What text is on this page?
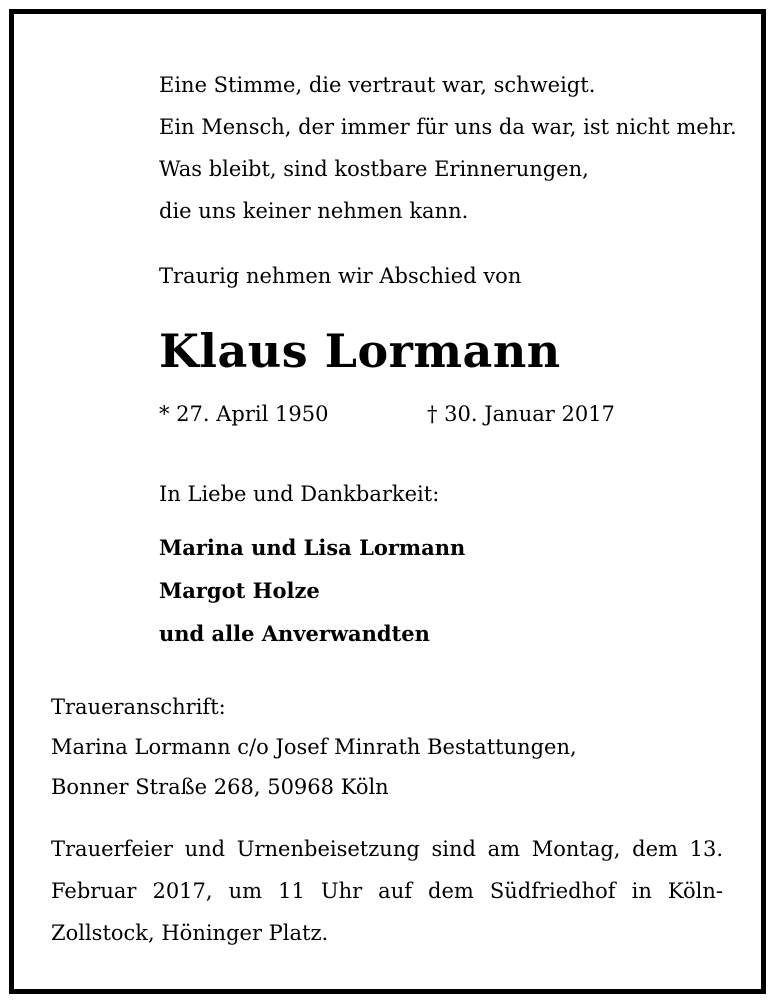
Eine Stimme, die vertraut war, schweigt.
Ein Mensch, der immer für uns da war, ist nicht mehr.
Was bleibt, sind kostbare Erinnerungen,
die uns keiner nehmen kann.
Traurig nehmen wir Abschied von
Klaus Lormann
* 27. April 1950	† 30. Januar 2017
In Liebe und Dankbarkeit:
Marina und Lisa Lormann
Margot Holze
und alle Anverwandten
Traueranschrift:
Marina Lormann c/o Josef Minrath Bestattungen,
Bonner Straße 268, 50968 Köln
Trauerfeier und Urnenbeisetzung sind am Montag, dem 13. Februar 2017, um 11 Uhr auf dem Südfriedhof in Köln-Zollstock, Höninger Platz.
